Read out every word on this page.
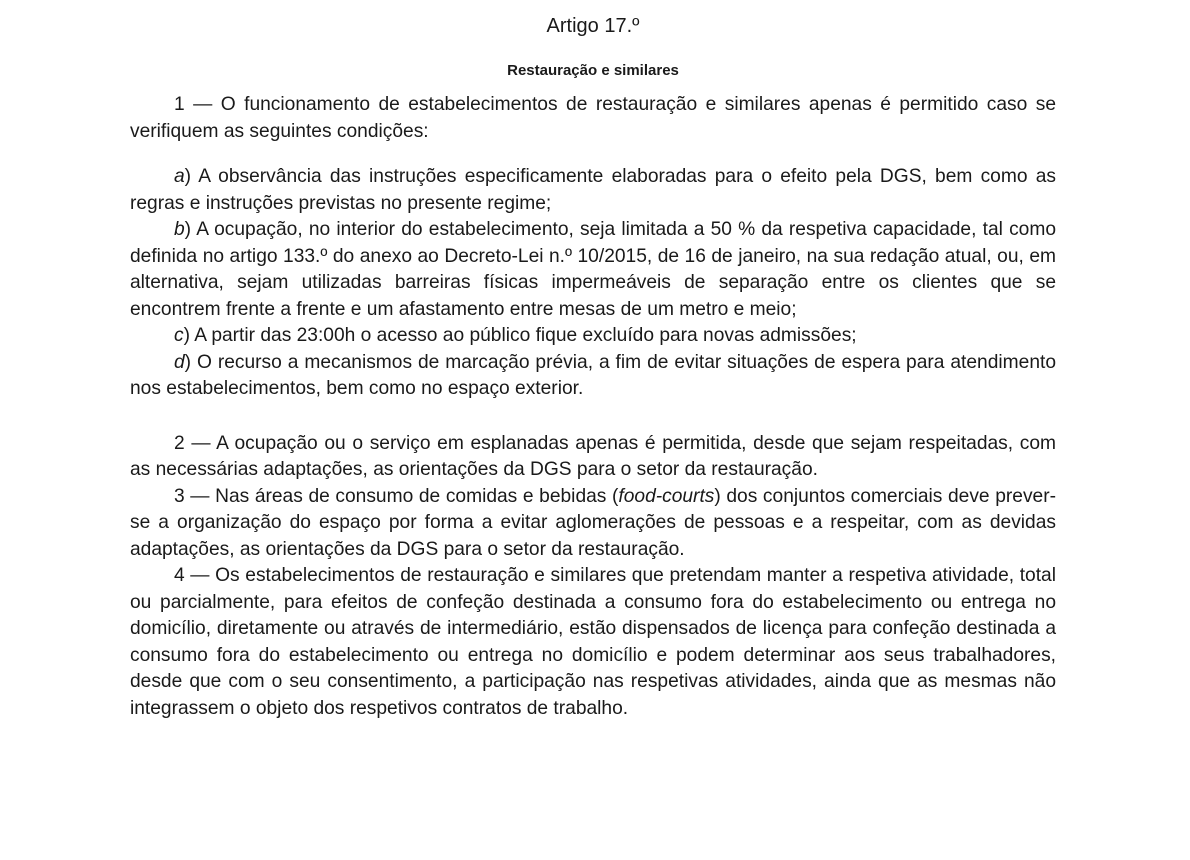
Artigo 17.º
Restauração e similares

1 — O funcionamento de estabelecimentos de restauração e similares apenas é permitido caso se verifiquem as seguintes condições:

a) A observância das instruções especificamente elaboradas para o efeito pela DGS, bem como as regras e instruções previstas no presente regime;

b) A ocupação, no interior do estabelecimento, seja limitada a 50 % da respetiva capacidade, tal como definida no artigo 133.º do anexo ao Decreto-Lei n.º 10/2015, de 16 de janeiro, na sua redação atual, ou, em alternativa, sejam utilizadas barreiras físicas impermeáveis de separação entre os clientes que se encontrem frente a frente e um afastamento entre mesas de um metro e meio;

c) A partir das 23:00h o acesso ao público fique excluído para novas admissões;

d) O recurso a mecanismos de marcação prévia, a fim de evitar situações de espera para atendimento nos estabelecimentos, bem como no espaço exterior.

2 — A ocupação ou o serviço em esplanadas apenas é permitida, desde que sejam respeitadas, com as necessárias adaptações, as orientações da DGS para o setor da restauração.

3 — Nas áreas de consumo de comidas e bebidas (food-courts) dos conjuntos comerciais deve prever-se a organização do espaço por forma a evitar aglomerações de pessoas e a respeitar, com as devidas adaptações, as orientações da DGS para o setor da restauração.

4 — Os estabelecimentos de restauração e similares que pretendam manter a respetiva atividade, total ou parcialmente, para efeitos de confeção destinada a consumo fora do estabelecimento ou entrega no domicílio, diretamente ou através de intermediário, estão dispensados de licença para confeção destinada a consumo fora do estabelecimento ou entrega no domicílio e podem determinar aos seus trabalhadores, desde que com o seu consentimento, a participação nas respetivas atividades, ainda que as mesmas não integrassem o objeto dos respetivos contratos de trabalho.
